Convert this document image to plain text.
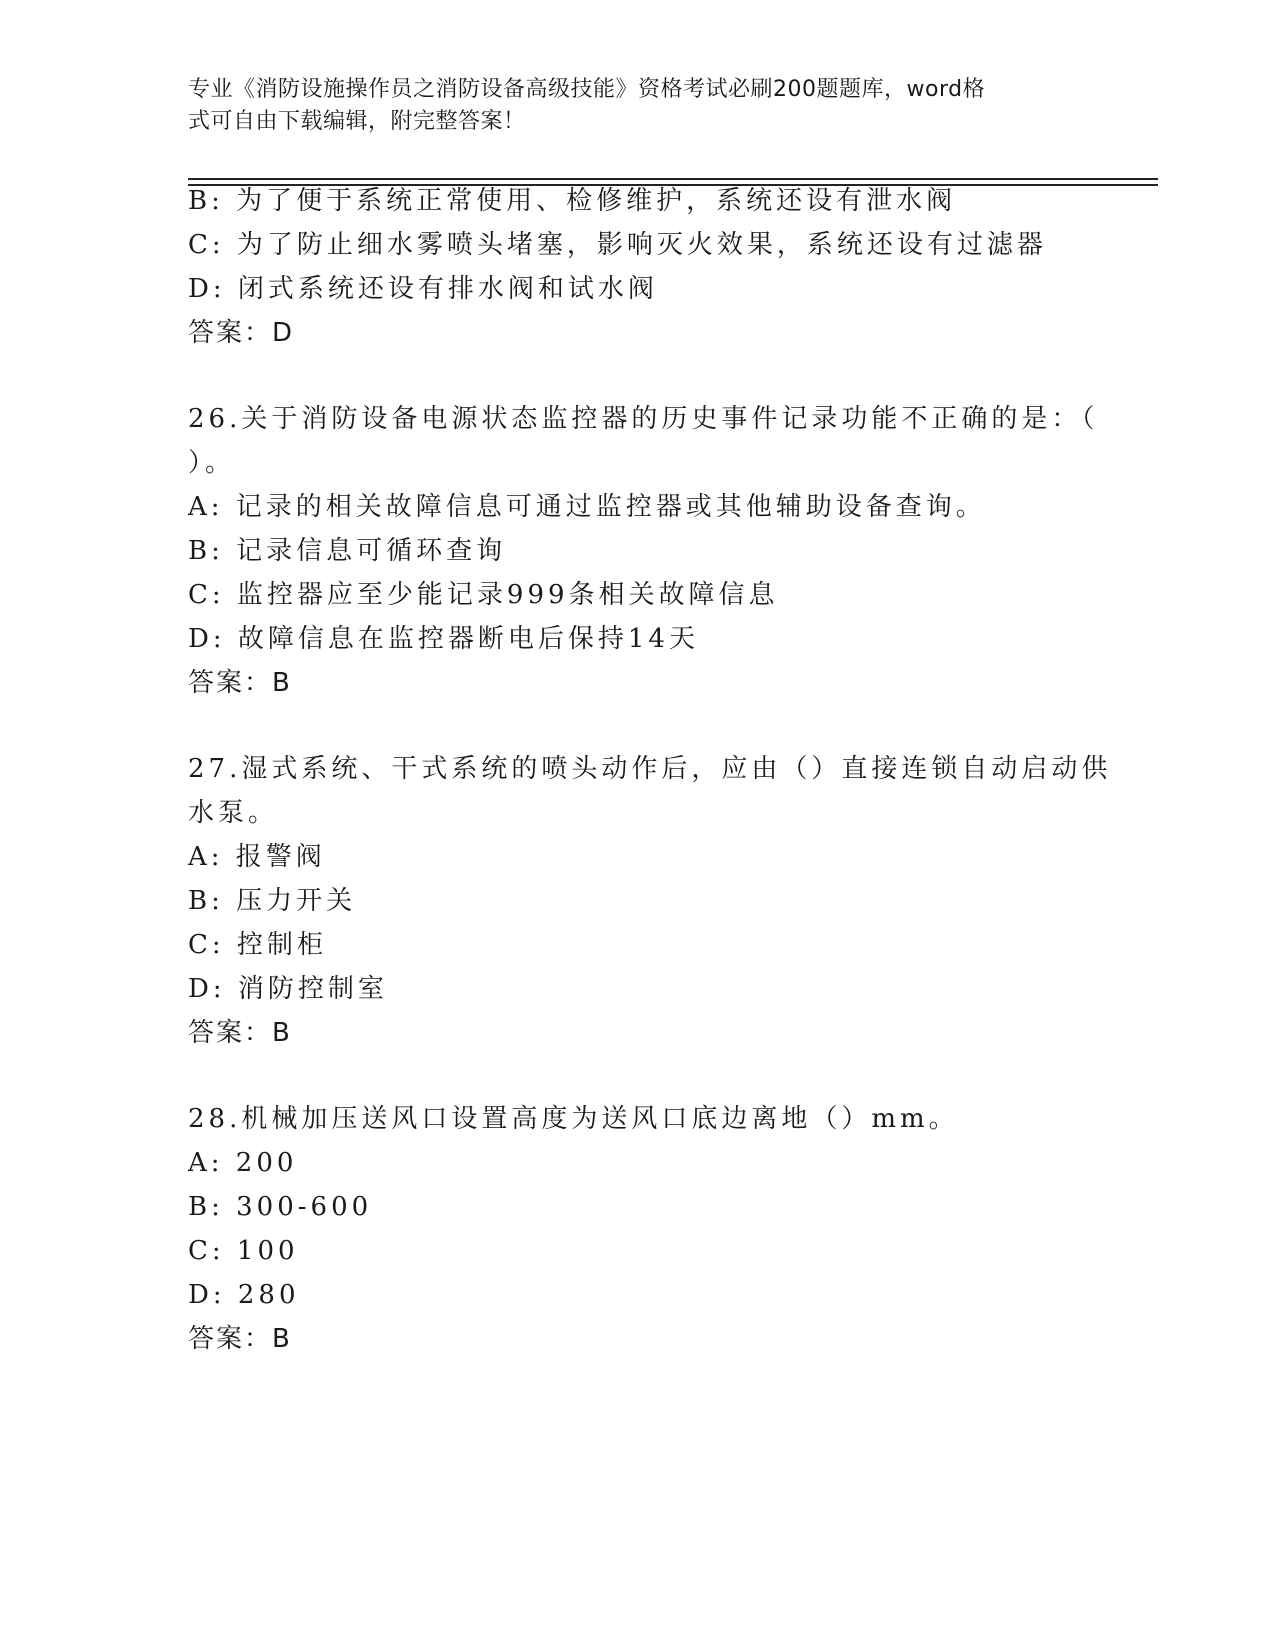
专业《消防设施操作员之消防设备高级技能》资格考试必刷200题题库，word格
式可自由下载编辑，附完整答案！
B: 为了便于系统正常使用、检修维护，系统还设有泄水阀
C: 为了防止细水雾喷头堵塞，影响灭火效果，系统还设有过滤器
D: 闭式系统还设有排水阀和试水阀
答案：D
26.关于消防设备电源状态监控器的历史事件记录功能不正确的是：（
）。
A: 记录的相关故障信息可通过监控器或其他辅助设备查询。
B: 记录信息可循环查询
C: 监控器应至少能记录999条相关故障信息
D: 故障信息在监控器断电后保持14天
答案：B
27.湿式系统、干式系统的喷头动作后，应由（）直接连锁自动启动供
水泵。
A: 报警阀
B: 压力开关
C: 控制柜
D: 消防控制室
答案：B
28.机械加压送风口设置高度为送风口底边离地（）mm。
A: 200
B: 300-600
C: 100
D: 280
答案：B
